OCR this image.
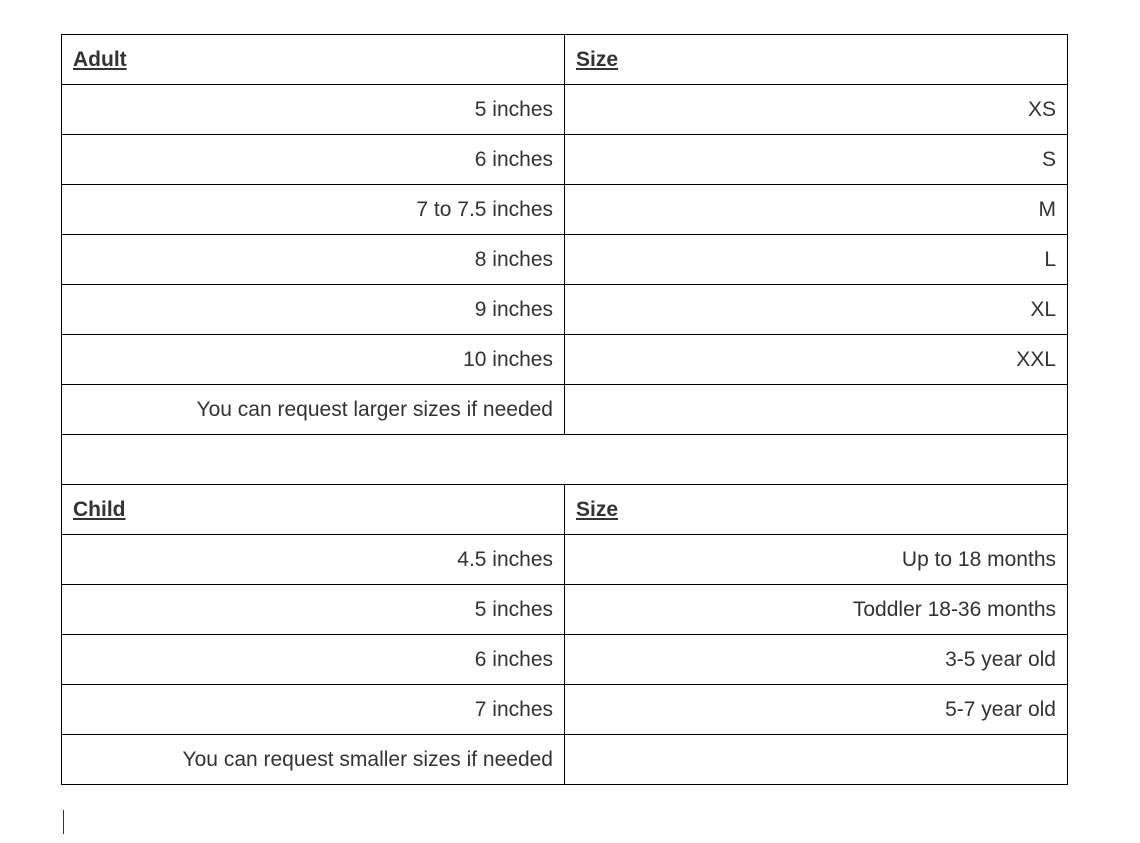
Adult	Size
5 inches	XS
6 inches	S
7 to 7.5 inches	M
8 inches	L
9 inches	XL
10 inches	XXL
You can request larger sizes if needed	

Child	Size
4.5 inches	Up to 18 months
5 inches	Toddler 18-36 months
6 inches	3-5 year old
7 inches	5-7 year old
You can request smaller sizes if needed	
